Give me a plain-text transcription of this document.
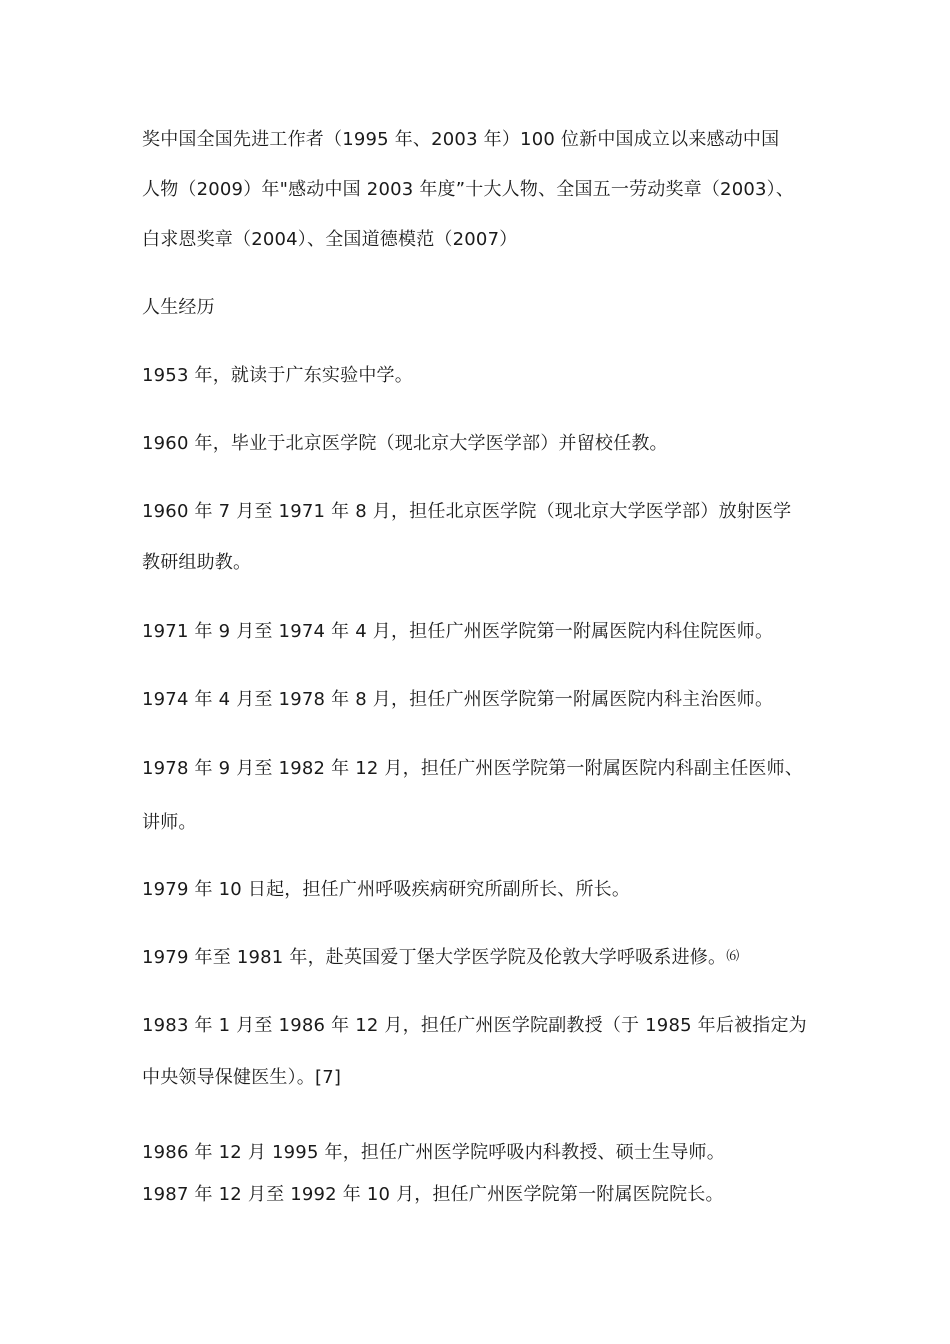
奖中国全国先进工作者（1995 年、2003 年）100 位新中国成立以来感动中国
人物（2009）年"感动中国 2003 年度”十大人物、全国五一劳动奖章（2003）、
白求恩奖章（2004）、全国道德模范（2007）
人生经历
1953 年，就读于广东实验中学。
1960 年，毕业于北京医学院（现北京大学医学部）并留校任教。
1960 年 7 月至 1971 年 8 月，担任北京医学院（现北京大学医学部）放射医学
教研组助教。
1971 年 9 月至 1974 年 4 月，担任广州医学院第一附属医院内科住院医师。
1974 年 4 月至 1978 年 8 月，担任广州医学院第一附属医院内科主治医师。
1978 年 9 月至 1982 年 12 月，担任广州医学院第一附属医院内科副主任医师、
讲师。
1979 年 10 日起，担任广州呼吸疾病研究所副所长、所长。
1979 年至 1981 年，赴英国爱丁堡大学医学院及伦敦大学呼吸系进修。⑹
1983 年 1 月至 1986 年 12 月，担任广州医学院副教授（于 1985 年后被指定为
中央领导保健医生）。[7]
1986 年 12 月 1995 年，担任广州医学院呼吸内科教授、硕士生导师。
1987 年 12 月至 1992 年 10 月，担任广州医学院第一附属医院院长。
